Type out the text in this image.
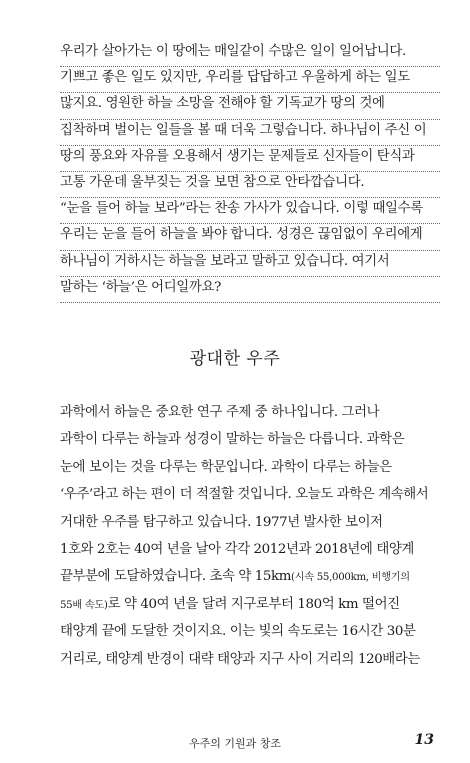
우리가 살아가는 이 땅에는 매일같이 수많은 일이 일어납니다.
기쁘고 좋은 일도 있지만, 우리를 답답하고 우울하게 하는 일도
많지요. 영원한 하늘 소망을 전해야 할 기독교가 땅의 것에
집착하며 벌이는 일들을 볼 때 더욱 그렇습니다. 하나님이 주신 이
땅의 풍요와 자유를 오용해서 생기는 문제들로 신자들이 탄식과
고통 가운데 울부짖는 것을 보면 참으로 안타깝습니다.
“눈을 들어 하늘 보라”라는 찬송 가사가 있습니다. 이렇 때일수록
우리는 눈을 들어 하늘을 봐야 합니다. 성경은 끊임없이 우리에게
하나님이 거하시는 하늘을 보라고 말하고 있습니다. 여기서
말하는 ‘하늘’은 어디일까요?
광대한 우주
과학에서 하늘은 중요한 연구 주제 중 하나입니다. 그러나
과학이 다루는 하늘과 성경이 말하는 하늘은 다릅니다. 과학은
눈에 보이는 것을 다루는 학문입니다. 과학이 다루는 하늘은
‘우주’라고 하는 편이 더 적절할 것입니다. 오늘도 과학은 계속해서
거대한 우주를 탐구하고 있습니다. 1977년 발사한 보이저
1호와 2호는 40여 년을 날아 각각 2012년과 2018년에 태양계
끝부분에 도달하였습니다. 초속 약 15km(시속 55,000km, 비행기의
55배 속도)로 약 40여 년을 달려 지구로부터 180억 km 떨어진
태양계 끝에 도달한 것이지요. 이는 빛의 속도로는 16시간 30분
거리로, 태양계 반경이 대략 태양과 지구 사이 거리의 120배라는
우주의 기원과 창조	13
